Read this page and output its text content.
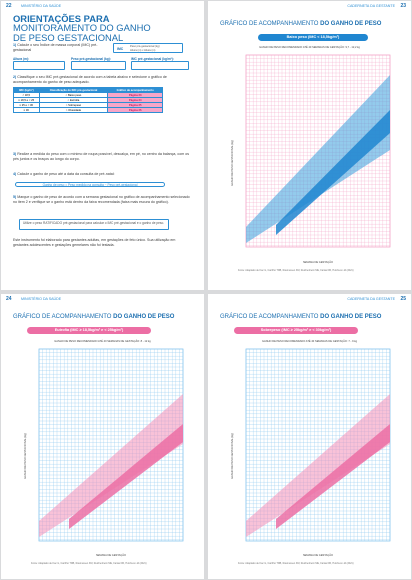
22	MINISTÉRIO DA SAÚDE
ORIENTAÇÕES PARA
MONITORAMENTO DO GANHO
DE PESO GESTACIONAL
1) Calcule o seu Índice de massa corporal (IMC) pré-gestacional	IMC	Peso pré-gestacional (kg)
Altura (m) x Altura (m)
Altura (m):	Peso pré-gestacional (kg):	IMC pré-gestacional (kg/m²):
2) Classifique o seu IMC pré-gestacional de acordo com a tabela abaixo e selecione o gráfico de acompanhamento do ganho de peso adequado.
IMC (kg/m²)	Classificação do IMC pré-gestacional	Gráfico de acompanhamento
< 18,5	○ Baixo peso	Página 23
≥ 18,5 e < 25	○ Eutrofia	Página 24
≥ 25 e < 30	○ Sobrepeso	Página 25
≥ 30	○ Obesidade	Página 26
3) Realize a medida do peso com o mínimo de roupa possível, descalça, em pé, no centro da balança, com os pés juntos e os braços ao longo do corpo.
4) Calcule o ganho de peso até a data da consulta de pré-natal:
Ganho de peso = Peso medido na consulta − Peso pré-gestacional
5) Marque o ganho de peso de acordo com a semana gestacional no gráfico de acompanhamento selecionado no item 2 e verifique se o ganho está dentro da faixa recomendada (faixa mais escura do gráfico).
Utilize o peso RATIFICADO pré-gestacional para calcular o IMC pré-gestacional e o ganho de peso.
Este instrumento foi elaborado para gestantes adultas, em gestações de feto único. Sua utilização em gestantes adolescentes e gestações gemelares não foi testada.
CADERNETA DA GESTANTE 23
GRÁFICO DE ACOMPANHAMENTO DO GANHO DE PESO
Baixo peso (IMC < 18,5kg/m²)
GANHO DE PESO RECOMENDADO ATÉ 40 SEMANAS DE GESTAÇÃO: 9,7 - 12,2 kg
GANHO DE PESO GESTACIONAL (kg)
SEMANA DE GESTAÇÃO
Fonte: Adaptado de Kac G, Carrilho TRB, Rasmussen KM, Reichenheim ME, Farias DR, Hutcheon JA (2021)
24	MINISTÉRIO DA SAÚDE
GRÁFICO DE ACOMPANHAMENTO DO GANHO DE PESO
Eutrofia (IMC ≥ 18,5kg/m² e < 25kg/m²)
GANHO DE PESO RECOMENDADO ATÉ 40 SEMANAS DE GESTAÇÃO: 8 - 12 kg
GANHO DE PESO GESTACIONAL (kg)
SEMANA DE GESTAÇÃO
Fonte: Adaptado de Kac G, Carrilho TRB, Rasmussen KM, Reichenheim ME, Farias DR, Hutcheon JA (2021)
CADERNETA DA GESTANTE 25
GRÁFICO DE ACOMPANHAMENTO DO GANHO DE PESO
Sobrepeso (IMC ≥ 25kg/m² e < 30kg/m²)
GANHO DE PESO RECOMENDADO ATÉ 40 SEMANAS DE GESTAÇÃO: 7 - 9 kg
GANHO DE PESO GESTACIONAL (kg)
SEMANA DE GESTAÇÃO
Fonte: Adaptado de Kac G, Carrilho TRB, Rasmussen KM, Reichenheim ME, Farias DR, Hutcheon JA (2021)
